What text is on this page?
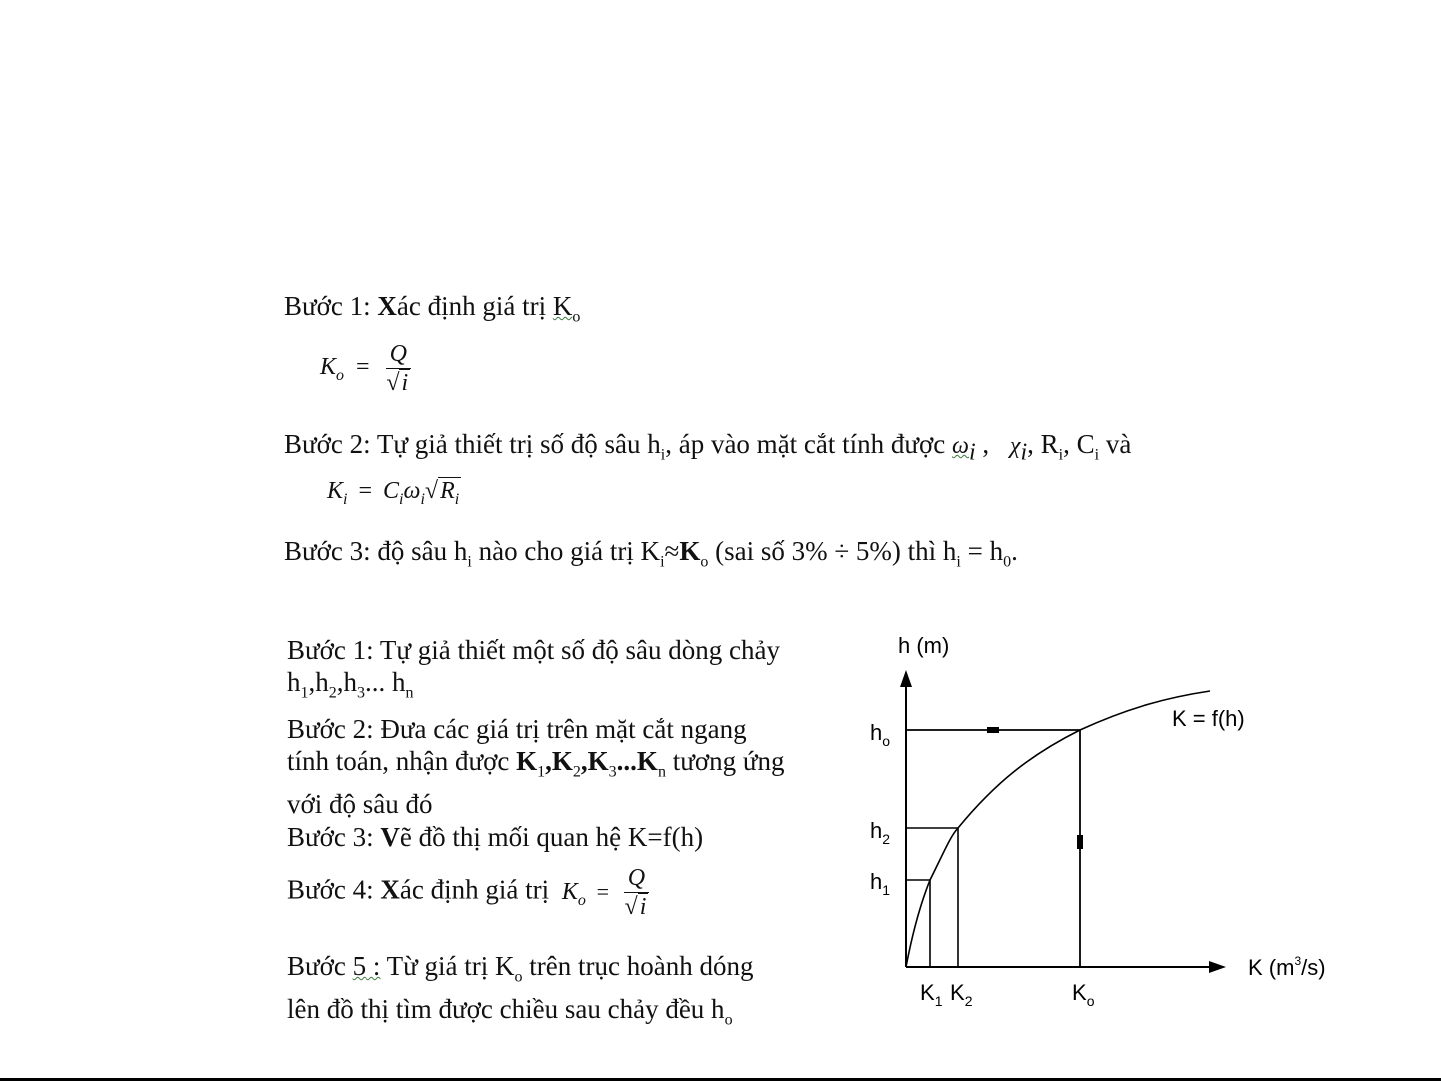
Bước 1: Xác định giá trị $K_o$
$K_o = \frac{Q}{√i}$
Bước 2: Tự giả thiết trị số độ sâu $h_i$, áp vào mặt cắt tính được $\omega_i$ , $\chi_i$, $R_i$, $C_i$ và
$K_i = C_i\omega_i√R_i$
Bước 3: độ sâu $h_i$ nào cho giá trị $K_i\approx K_o$ (sai số 3% ÷ 5%) thì $h_i = h_0$.
Bước 1: Tự giả thiết một số độ sâu dòng chảy
$h_1,h_2,h_3$... $h_n$
Bước 2: Đưa các giá trị trên mặt cắt ngang
tính toán, nhận được $K_1,K_2,K_3...K_n$ tương ứng
với độ sâu đó
Bước 3: Vẽ đồ thị mối quan hệ K=f(h)
Bước 4: Xác định giá trị $K_o = \frac{Q}{√i}$
Bước 5 : Từ giá trị $K_o$ trên trục hoành dóng
lên đồ thị tìm được chiều sau chảy đều $h_o$
h (m)
K = f(h)
$h_o$
$h_2$
$h_1$
$K_1$ $K_2$	$K_o$
K $(m^3/s)$
